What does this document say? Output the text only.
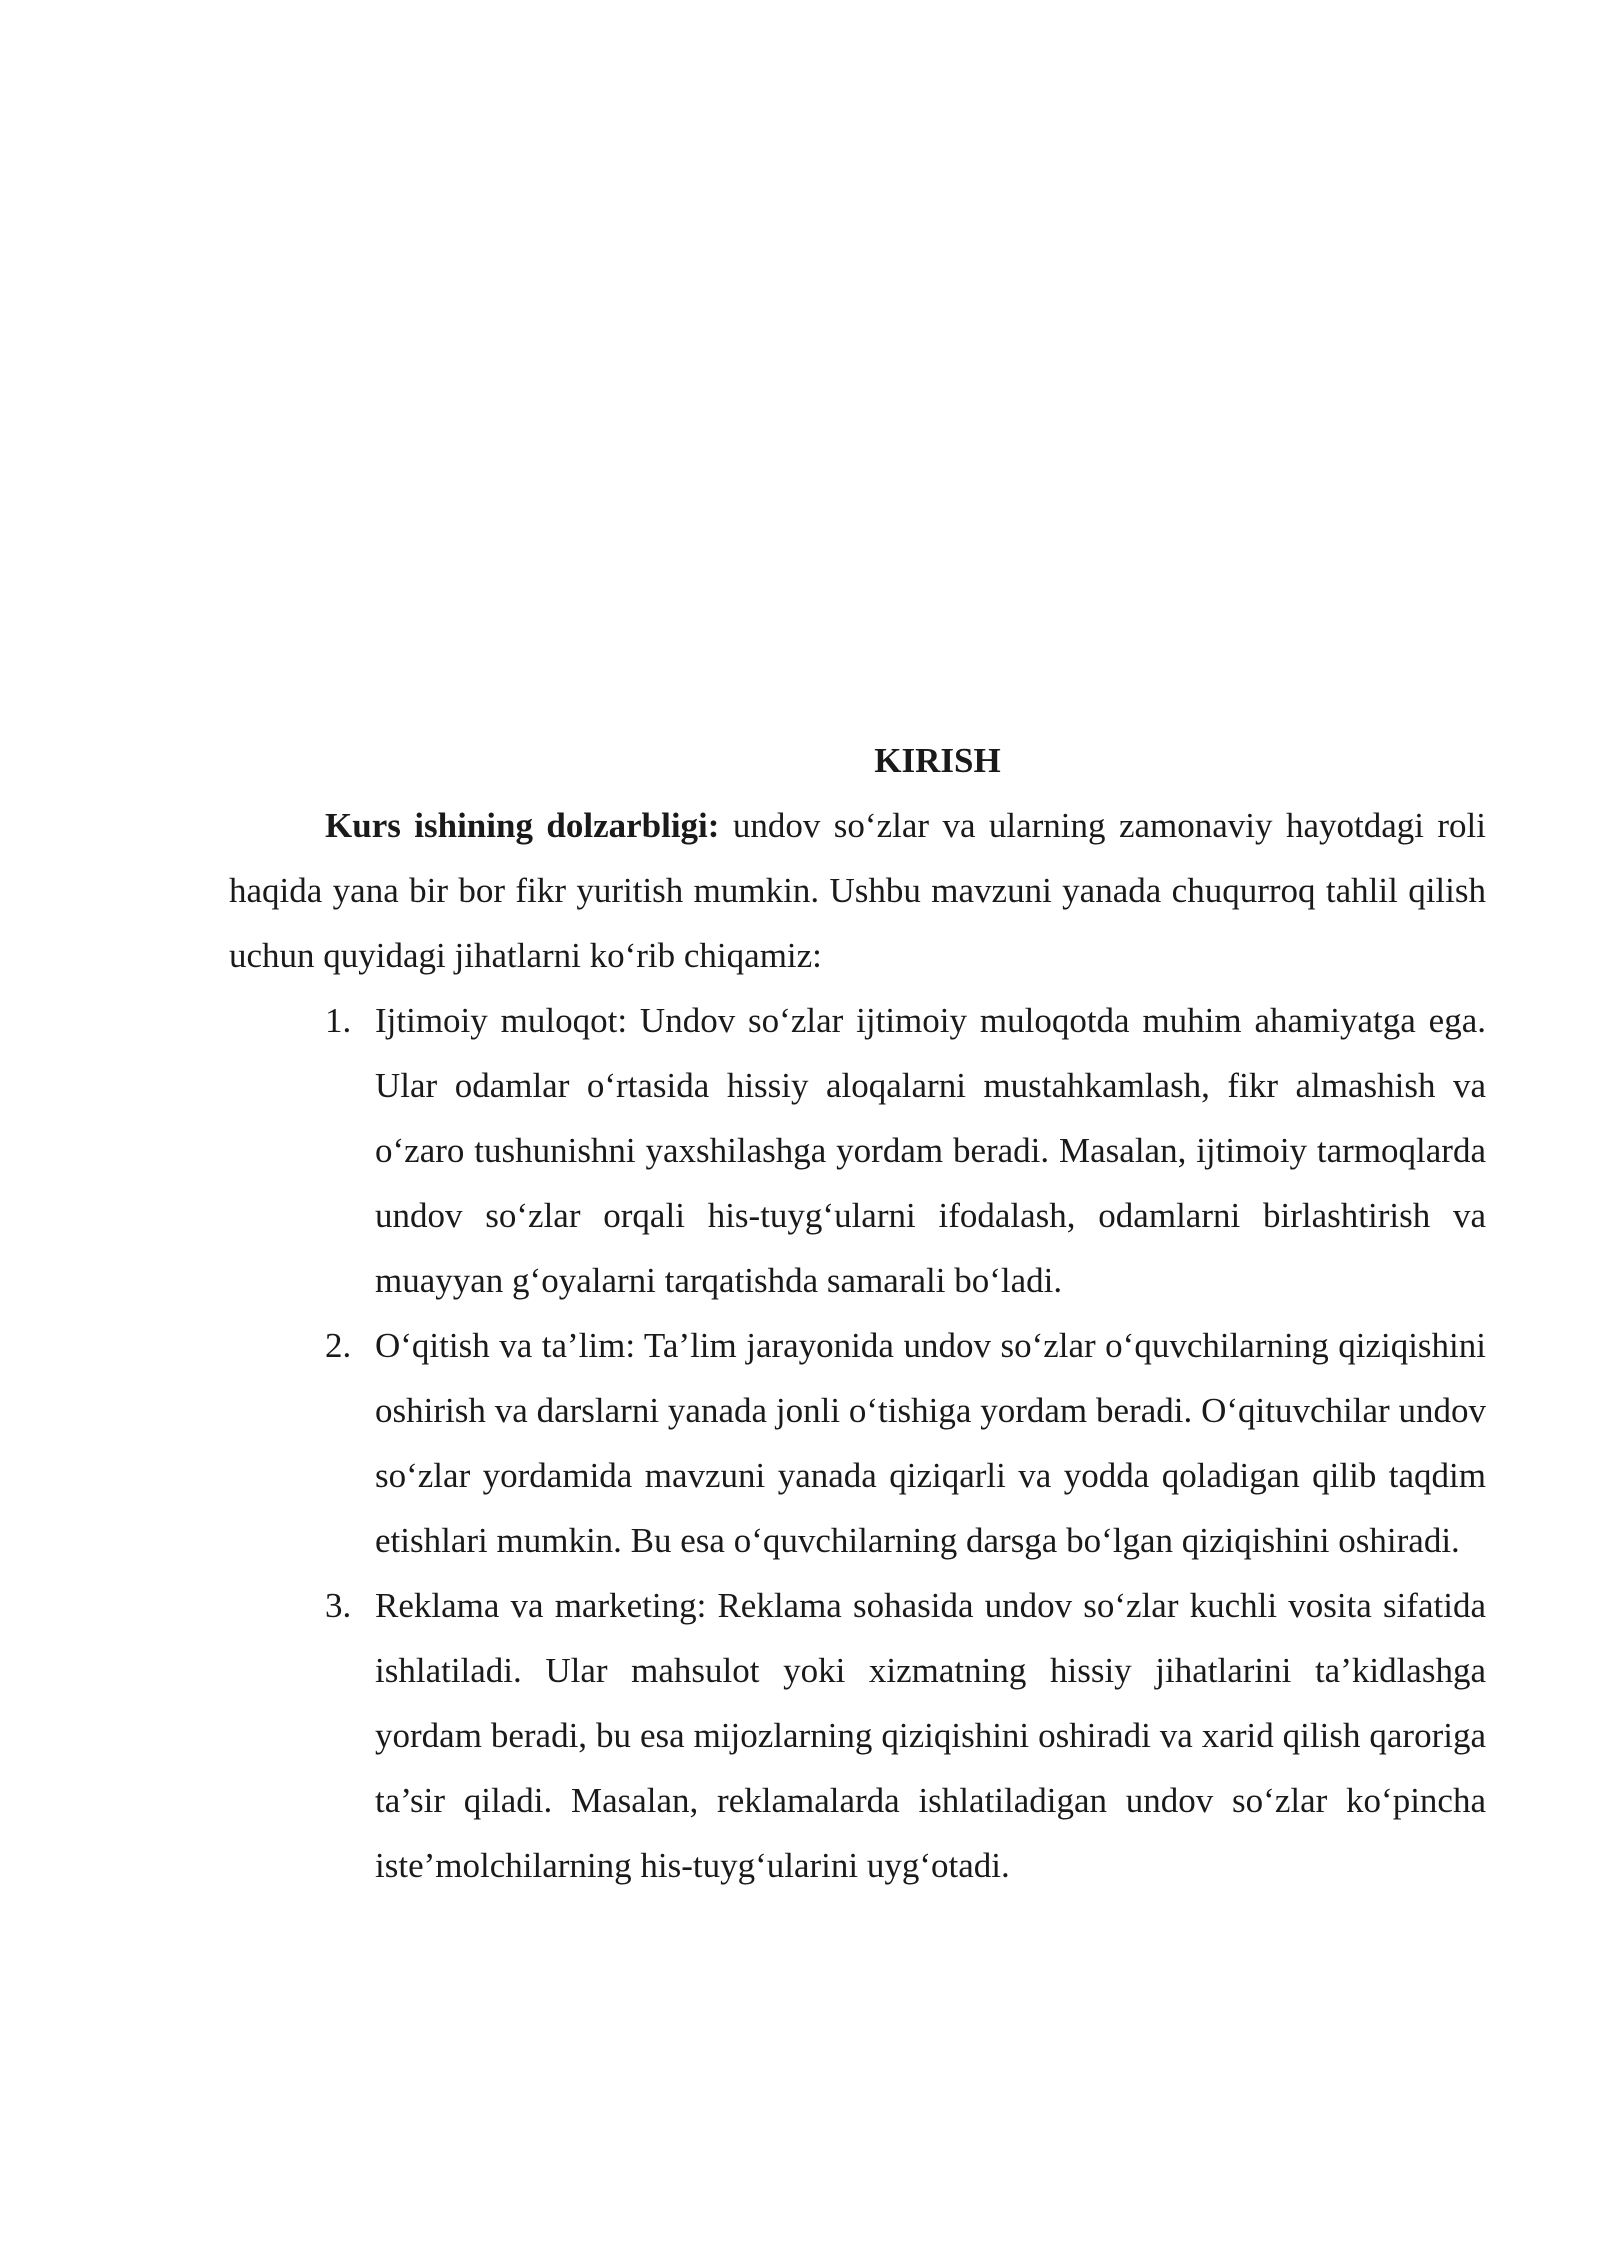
KIRISH

Kurs ishining dolzarbligi: undov so‘zlar va ularning zamonaviy hayotdagi roli haqida yana bir bor fikr yuritish mumkin. Ushbu mavzuni yanada chuqurroq tahlil qilish uchun quyidagi jihatlarni ko‘rib chiqamiz:

1. Ijtimoiy muloqot: Undov so‘zlar ijtimoiy muloqotda muhim ahamiyatga ega. Ular odamlar o‘rtasida hissiy aloqalarni mustahkamlash, fikr almashish va o‘zaro tushunishni yaxshilashga yordam beradi. Masalan, ijtimoiy tarmoqlarda undov so‘zlar orqali his-tuyg‘ularni ifodalash, odamlarni birlashtirish va muayyan g‘oyalarni tarqatishda samarali bo‘ladi.
2. O‘qitish va ta’lim: Ta’lim jarayonida undov so‘zlar o‘quvchilarning qiziqishini oshirish va darslarni yanada jonli o‘tishiga yordam beradi. O‘qituvchilar undov so‘zlar yordamida mavzuni yanada qiziqarli va yodda qoladigan qilib taqdim etishlari mumkin. Bu esa o‘quvchilarning darsga bo‘lgan qiziqishini oshiradi.
3. Reklama va marketing: Reklama sohasida undov so‘zlar kuchli vosita sifatida ishlatiladi. Ular mahsulot yoki xizmatning hissiy jihatlarini ta’kidlashga yordam beradi, bu esa mijozlarning qiziqishini oshiradi va xarid qilish qaroriga ta’sir qiladi. Masalan, reklamalarda ishlatiladigan undov so‘zlar ko‘pincha iste’molchilarning his-tuyg‘ularini uyg‘otadi.
